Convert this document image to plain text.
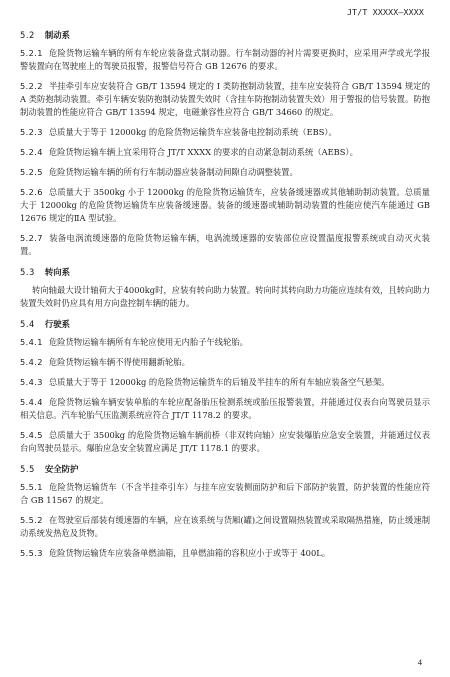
JT/T XXXXX—XXXX
5.2 制动系

5.2.1 危险货物运输车辆的所有车轮应装备盘式制动器。行车制动器的衬片需要更换时，应采用声学或光学报警装置向在驾驶座上的驾驶员报警，报警信号符合 GB 12676 的要求。

5.2.2 半挂牵引车应安装符合 GB/T 13594 规定的 I 类防抱制动装置，挂车应安装符合 GB/T 13594 规定的 A 类防抱制动装置。牵引车辆安装防抱制动装置失效时（含挂车防抱制动装置失效）用于警报的信号装置。防抱制动装置的性能应符合 GB/T 13594 规定，电磁兼容性应符合 GB/T 34660 的规定。

5.2.3 总质量大于等于 12000kg 的危险货物运输货车应装备电控制动系统（EBS）。

5.2.4 危险货物运输车辆上宜采用符合 JT/T XXXX 的要求的自动紧急制动系统（AEBS）。

5.2.5 危险货物运输车辆的所有行车制动器应装备制动间隙自动调整装置。

5.2.6 总质量大于 3500kg 小于 12000kg 的危险货物运输货车，应装备缓速器或其他辅助制动装置。总质量大于 12000kg 的危险货物运输货车应装备缓速器。装备的缓速器或辅助制动装置的性能应使汽车能通过 GB 12676 规定的ⅡA 型试验。

5.2.7 装备电涡流缓速器的危险货物运输车辆，电涡流缓速器的安装部位应设置温度报警系统或自动灭火装置。

5.3 转向系

转向轴最大设计轴荷大于4000kg时，应装有转向助力装置。转向时其转向助力功能应连续有效，且转向助力装置失效时仍应具有用方向盘控制车辆的能力。

5.4 行驶系

5.4.1 危险货物运输车辆所有车轮应使用无内胎子午线轮胎。

5.4.2 危险货物运输车辆不得使用翻新轮胎。

5.4.3 总质量大于等于 12000kg 的危险货物运输货车的后轴及半挂车的所有车轴应装备空气悬架。

5.4.4 危险货物运输车辆安装单胎的车轮应配备胎压检测系统或胎压报警装置，并能通过仪表台向驾驶员显示相关信息。汽车轮胎气压监测系统应符合 JT/T 1178.2 的要求。

5.4.5 总质量大于 3500kg 的危险货物运输车辆前桥（非双转向轴）应安装爆胎应急安全装置，并能通过仪表台向驾驶员显示。爆胎应急安全装置应满足 JT/T 1178.1 的要求。

5.5 安全防护

5.5.1 危险货物运输货车（不含半挂牵引车）与挂车应安装侧面防护和后下部防护装置，防护装置的性能应符合 GB 11567 的规定。

5.5.2 在驾驶室后部装有缓速器的车辆，应在该系统与货厢(罐)之间设置隔热装置或采取隔热措施，防止缓速制动系统发热危及货物。

5.5.3 危险货物运输货车应装备单燃油箱，且单燃油箱的容积应小于或等于 400L。

4
